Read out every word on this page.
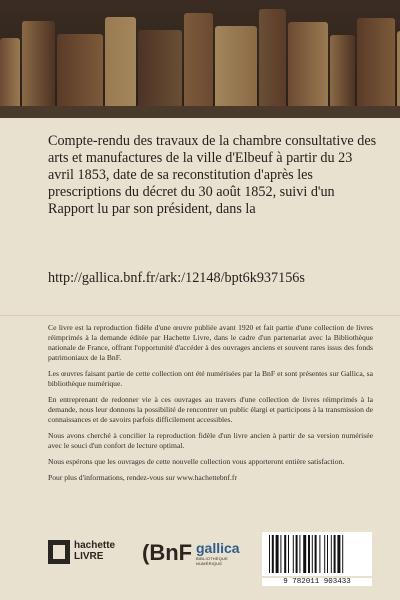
Compte-rendu des travaux de la chambre consultative des arts et manufactures de la ville d'Elbeuf à partir du 23 avril 1853, date de sa reconstitution d'après les prescriptions du décret du 30 août 1852, suivi d'un Rapport lu par son président, dans la

http://gallica.bnf.fr/ark:/12148/bpt6k937156s

Ce livre est la reproduction fidèle d'une œuvre publiée avant 1920 et fait partie d'une collection de livres réimprimés à la demande éditée par Hachette Livre, dans le cadre d'un partenariat avec la Bibliothèque nationale de France, offrant l'opportunité d'accéder à des ouvrages anciens et souvent rares issus des fonds patrimoniaux de la BnF.

Les œuvres faisant partie de cette collection ont été numérisées par la BnF et sont présentes sur Gallica, sa bibliothèque numérique.

En entreprenant de redonner vie à ces ouvrages au travers d'une collection de livres réimprimés à la demande, nous leur donnons la possibilité de rencontrer un public élargi et participons à la transmission de connaissances et de savoirs parfois difficilement accessibles.

Nous avons cherché à concilier la reproduction fidèle d'un livre ancien à partir de sa version numérisée avec le souci d'un confort de lecture optimal.

Nous espérons que les ouvrages de cette nouvelle collection vous apporteront entière satisfaction.

Pour plus d'informations, rendez-vous sur www.hachettebnf.fr

hachette
LIVRE	(BnF gallica
BIBLIOTHÈQUE NUMÉRIQUE
9 782011 903433
